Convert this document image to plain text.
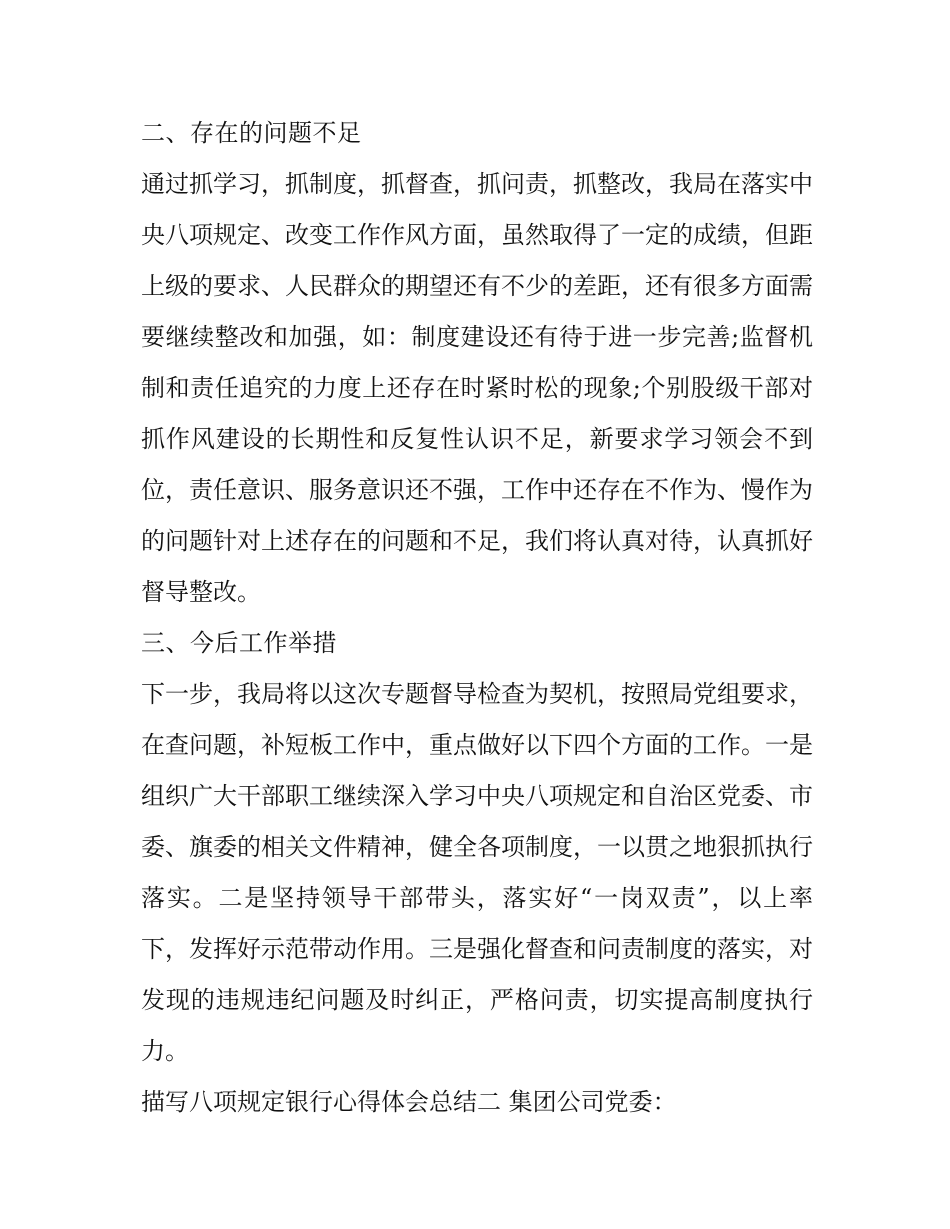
二、存在的问题不足

通过抓学习，抓制度，抓督查，抓问责，抓整改，我局在落实中央八项规定、改变工作作风方面，虽然取得了一定的成绩，但距上级的要求、人民群众的期望还有不少的差距，还有很多方面需要继续整改和加强，如：制度建设还有待于进一步完善;监督机制和责任追究的力度上还存在时紧时松的现象;个别股级干部对抓作风建设的长期性和反复性认识不足，新要求学习领会不到位，责任意识、服务意识还不强，工作中还存在不作为、慢作为的问题针对上述存在的问题和不足，我们将认真对待，认真抓好督导整改。

三、今后工作举措

下一步，我局将以这次专题督导检查为契机，按照局党组要求，在查问题，补短板工作中，重点做好以下四个方面的工作。一是组织广大干部职工继续深入学习中央八项规定和自治区党委、市委、旗委的相关文件精神，健全各项制度，一以贯之地狠抓执行落实。二是坚持领导干部带头，落实好“一岗双责”，以上率下，发挥好示范带动作用。三是强化督查和问责制度的落实，对发现的违规违纪问题及时纠正，严格问责，切实提高制度执行力。

描写八项规定银行心得体会总结二 集团公司党委：
